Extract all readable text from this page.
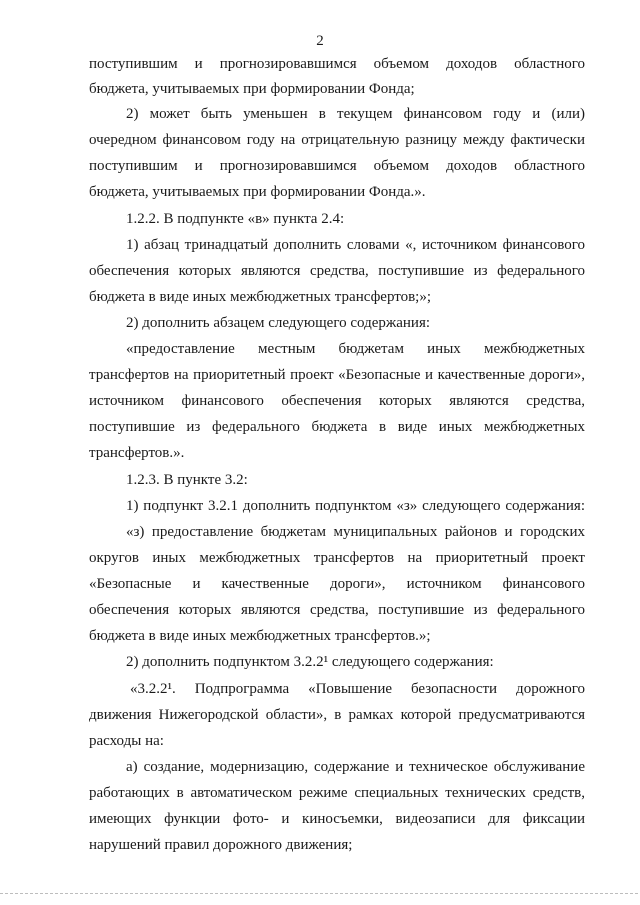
2
поступившим и прогнозировавшимся объемом доходов областного
бюджета, учитываемых при формировании Фонда;
2) может быть уменьшен в текущем финансовом году и (или)
очередном финансовом году на отрицательную разницу между фактически
поступившим и прогнозировавшимся объемом доходов областного
бюджета, учитываемых при формировании Фонда.».
1.2.2. В подпункте «в» пункта 2.4:
1) абзац тринадцатый дополнить словами «, источником финансового
обеспечения которых являются средства, поступившие из федерального
бюджета в виде иных межбюджетных трансфертов;»;
2) дополнить абзацем следующего содержания:
«предоставление местным бюджетам иных межбюджетных
трансфертов на приоритетный проект «Безопасные и качественные дороги»,
источником финансового обеспечения которых являются средства,
поступившие из федерального бюджета в виде иных межбюджетных
трансфертов.».
1.2.3. В пункте 3.2:
1) подпункт 3.2.1 дополнить подпунктом «з» следующего содержания:
«з) предоставление бюджетам муниципальных районов и городских
округов иных межбюджетных трансфертов на приоритетный проект
«Безопасные и качественные дороги», источником финансового
обеспечения которых являются средства, поступившие из федерального
бюджета в виде иных межбюджетных трансфертов.»;
2) дополнить подпунктом 3.2.2¹ следующего содержания:
«3.2.2¹. Подпрограмма «Повышение безопасности дорожного
движения Нижегородской области», в рамках которой предусматриваются
расходы на:
а) создание, модернизацию, содержание и техническое обслуживание
работающих в автоматическом режиме специальных технических средств,
имеющих функции фото- и киносъемки, видеозаписи для фиксации
нарушений правил дорожного движения;
